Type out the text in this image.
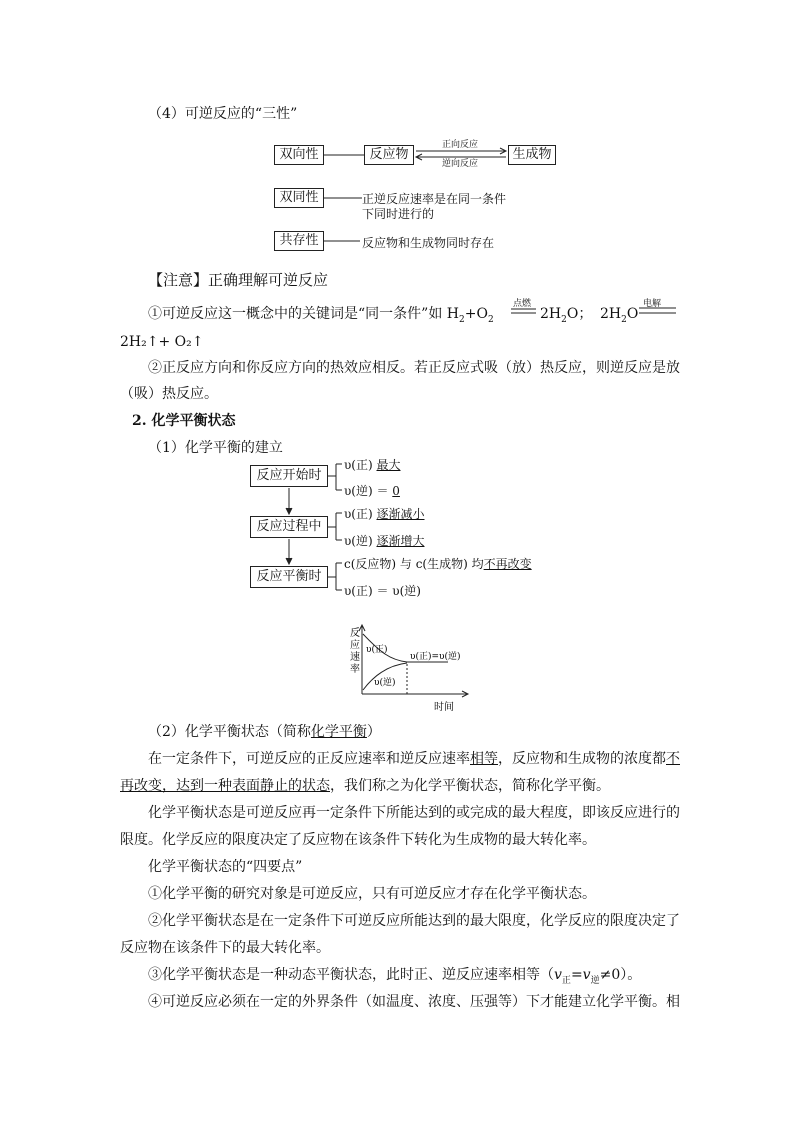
（4）可逆反应的“三性”
双向性	反应物	生成物
正向反应
逆向反应
双同性	正逆反应速率是在同一条件
下同时进行的
共存性	反应物和生成物同时存在
【注意】正确理解可逆反应
①可逆反应这一概念中的关键词是“同一条件”如 $H_2+O_2$
点燃
$2H_2O$； $2H_2O$
电解
2H₂↑+ O₂↑
②正反应方向和你反应方向的热效应相反。若正反应式吸（放）热反应，则逆反应是放
（吸）热反应。
2. 化学平衡状态
（1）化学平衡的建立
反应开始时
反应过程中
反应平衡时
υ(正) 最大
υ(逆) ＝ 0
υ(正) 逐渐减小
υ(逆) 逐渐增大
c(反应物) 与 c(生成物) 均不再改变
υ(正) ＝ υ(逆)
反
应
速
率
υ(正)
υ(逆)
υ(正)=υ(逆)
时间
（2）化学平衡状态（简称化学平衡）
在一定条件下，可逆反应的正反应速率和逆反应速率相等，反应物和生成物的浓度都不
再改变，达到一种表面静止的状态，我们称之为化学平衡状态，简称化学平衡。
化学平衡状态是可逆反应再一定条件下所能达到的或完成的最大程度，即该反应进行的
限度。化学反应的限度决定了反应物在该条件下转化为生成物的最大转化率。
化学平衡状态的“四要点”
①化学平衡的研究对象是可逆反应，只有可逆反应才存在化学平衡状态。
②化学平衡状态是在一定条件下可逆反应所能达到的最大限度，化学反应的限度决定了
反应物在该条件下的最大转化率。
③化学平衡状态是一种动态平衡状态，此时正、逆反应速率相等$(v_正=v_逆\ne 0)$。
④可逆反应必须在一定的外界条件（如温度、浓度、压强等）下才能建立化学平衡。相
